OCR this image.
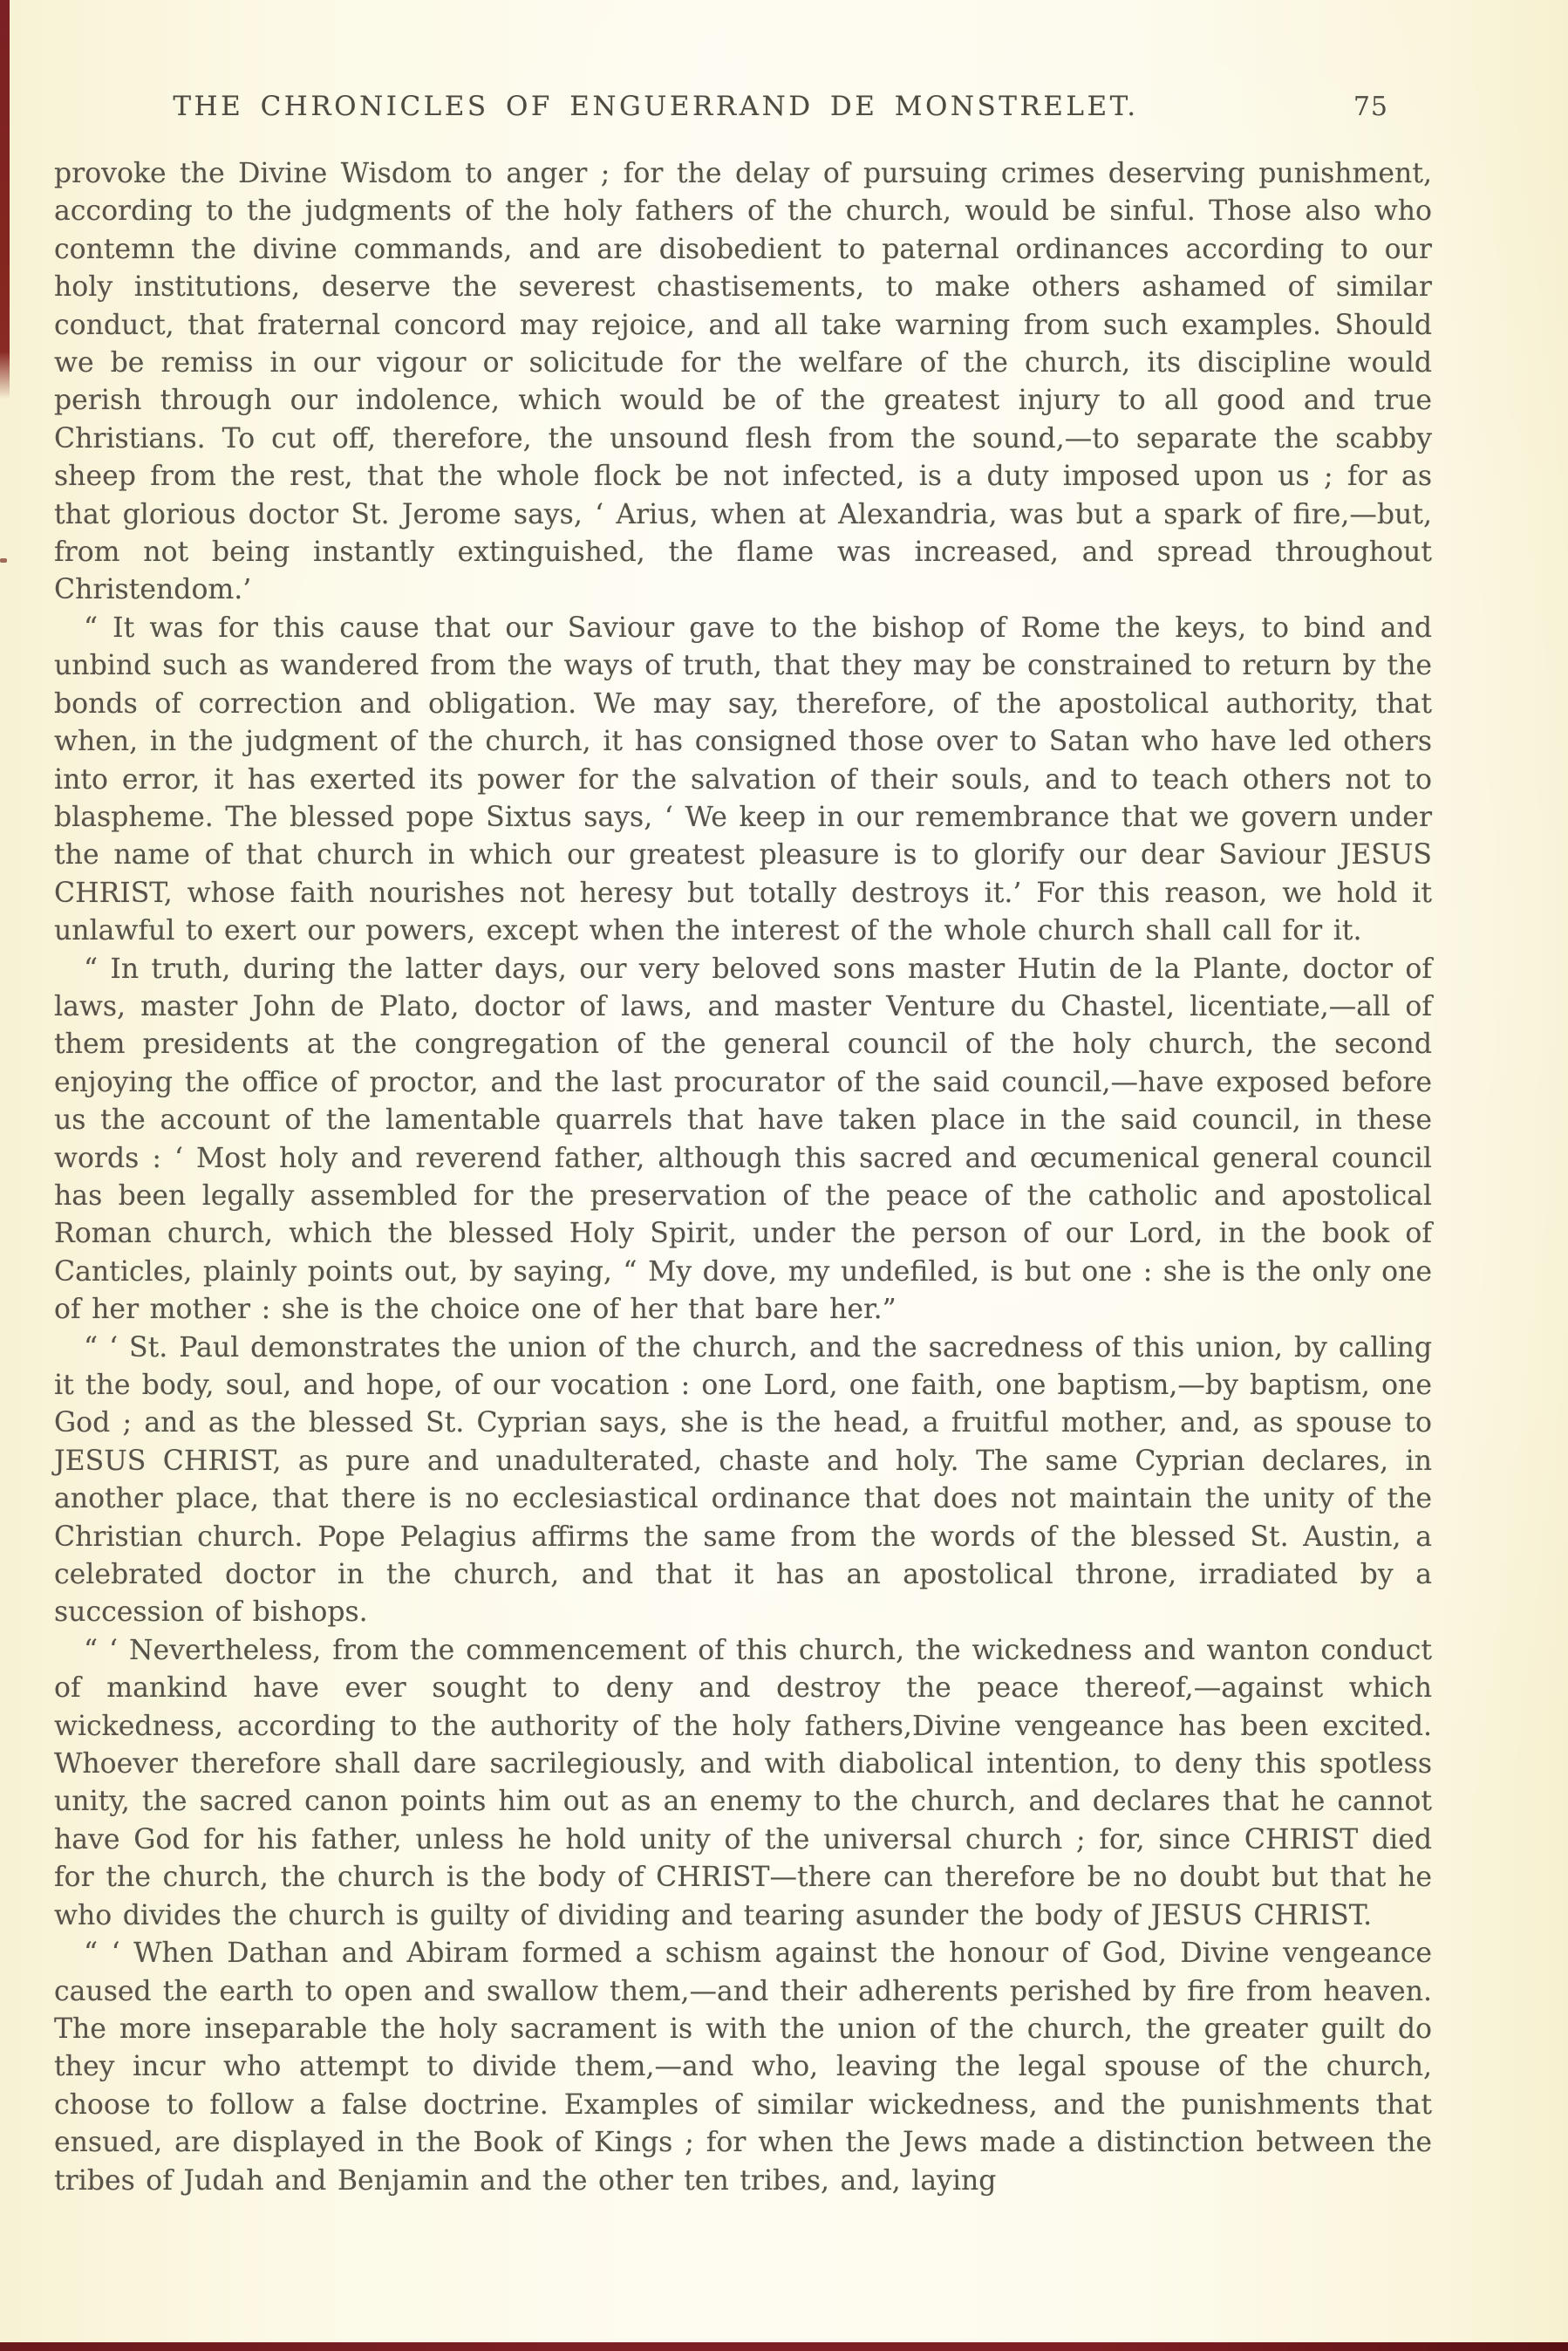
THE CHRONICLES OF ENGUERRAND DE MONSTRELET.	75

provoke the Divine Wisdom to anger ; for the delay of pursuing crimes deserving punishment, according to the judgments of the holy fathers of the church, would be sinful. Those also who contemn the divine commands, and are disobedient to paternal ordinances according to our holy institutions, deserve the severest chastisements, to make others ashamed of similar conduct, that fraternal concord may rejoice, and all take warning from such examples. Should we be remiss in our vigour or solicitude for the welfare of the church, its discipline would perish through our indolence, which would be of the greatest injury to all good and true Christians. To cut off, therefore, the unsound flesh from the sound,—to separate the scabby sheep from the rest, that the whole flock be not infected, is a duty imposed upon us ; for as that glorious doctor St. Jerome says, ‘ Arius, when at Alexandria, was but a spark of fire,—but, from not being instantly extinguished, the flame was increased, and spread throughout Christendom.’

“ It was for this cause that our Saviour gave to the bishop of Rome the keys, to bind and unbind such as wandered from the ways of truth, that they may be constrained to return by the bonds of correction and obligation. We may say, therefore, of the apostolical authority, that when, in the judgment of the church, it has consigned those over to Satan who have led others into error, it has exerted its power for the salvation of their souls, and to teach others not to blaspheme. The blessed pope Sixtus says, ‘ We keep in our remembrance that we govern under the name of that church in which our greatest pleasure is to glorify our dear Saviour JESUS CHRIST, whose faith nourishes not heresy but totally destroys it.’ For this reason, we hold it unlawful to exert our powers, except when the interest of the whole church shall call for it.

“ In truth, during the latter days, our very beloved sons master Hutin de la Plante, doctor of laws, master John de Plato, doctor of laws, and master Venture du Chastel, licentiate,—all of them presidents at the congregation of the general council of the holy church, the second enjoying the office of proctor, and the last procurator of the said council,—have exposed before us the account of the lamentable quarrels that have taken place in the said council, in these words : ‘ Most holy and reverend father, although this sacred and œcumenical general council has been legally assembled for the preservation of the peace of the catholic and apostolical Roman church, which the blessed Holy Spirit, under the person of our Lord, in the book of Canticles, plainly points out, by saying, “ My dove, my undefiled, is but one : she is the only one of her mother : she is the choice one of her that bare her.”

“ ‘ St. Paul demonstrates the union of the church, and the sacredness of this union, by calling it the body, soul, and hope, of our vocation : one Lord, one faith, one baptism,—by baptism, one God ; and as the blessed St. Cyprian says, she is the head, a fruitful mother, and, as spouse to JESUS CHRIST, as pure and unadulterated, chaste and holy. The same Cyprian declares, in another place, that there is no ecclesiastical ordinance that does not maintain the unity of the Christian church. Pope Pelagius affirms the same from the words of the blessed St. Austin, a celebrated doctor in the church, and that it has an apostolical throne, irradiated by a succession of bishops.

“ ‘ Nevertheless, from the commencement of this church, the wickedness and wanton conduct of mankind have ever sought to deny and destroy the peace thereof,—against which wickedness, according to the authority of the holy fathers,Divine vengeance has been excited. Whoever therefore shall dare sacrilegiously, and with diabolical intention, to deny this spotless unity, the sacred canon points him out as an enemy to the church, and declares that he cannot have God for his father, unless he hold unity of the universal church ; for, since CHRIST died for the church, the church is the body of CHRIST—there can therefore be no doubt but that he who divides the church is guilty of dividing and tearing asunder the body of JESUS CHRIST.

“ ‘ When Dathan and Abiram formed a schism against the honour of God, Divine vengeance caused the earth to open and swallow them,—and their adherents perished by fire from heaven. The more inseparable the holy sacrament is with the union of the church, the greater guilt do they incur who attempt to divide them,—and who, leaving the legal spouse of the church, choose to follow a false doctrine. Examples of similar wickedness, and the punishments that ensued, are displayed in the Book of Kings ; for when the Jews made a distinction between the tribes of Judah and Benjamin and the other ten tribes, and, laying
